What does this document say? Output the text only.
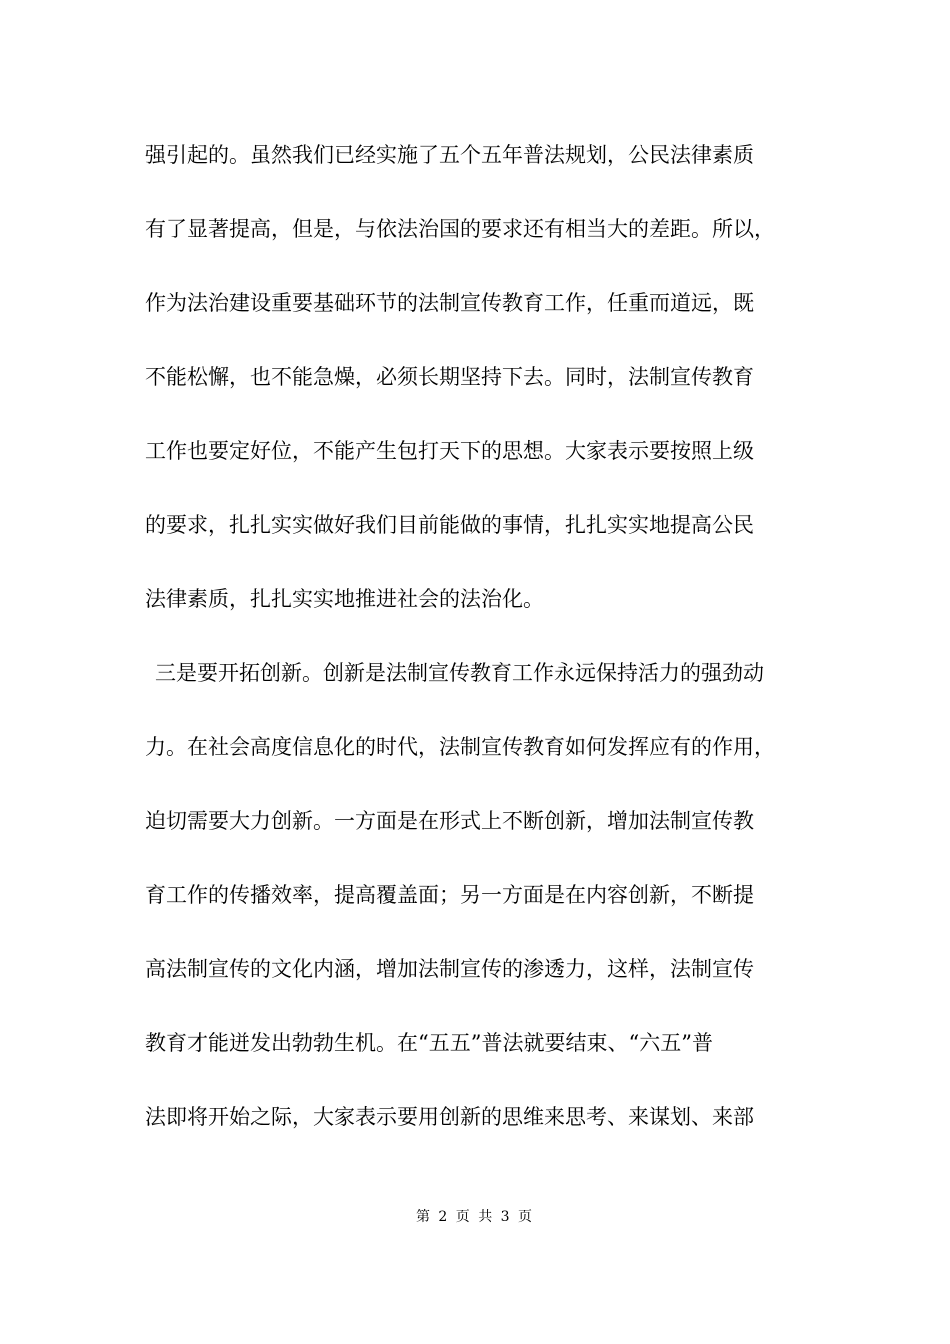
强引起的。虽然我们已经实施了五个五年普法规划，公民法律素质
有了显著提高，但是，与依法治国的要求还有相当大的差距。所以，
作为法治建设重要基础环节的法制宣传教育工作，任重而道远，既
不能松懈，也不能急燥，必须长期坚持下去。同时，法制宣传教育
工作也要定好位，不能产生包打天下的思想。大家表示要按照上级
的要求，扎扎实实做好我们目前能做的事情，扎扎实实地提高公民
法律素质，扎扎实实地推进社会的法治化。
三是要开拓创新。创新是法制宣传教育工作永远保持活力的强劲动
力。在社会高度信息化的时代，法制宣传教育如何发挥应有的作用，
迫切需要大力创新。一方面是在形式上不断创新，增加法制宣传教
育工作的传播效率，提高覆盖面；另一方面是在内容创新，不断提
高法制宣传的文化内涵，增加法制宣传的渗透力，这样，法制宣传
教育才能迸发出勃勃生机。在“五五”普法就要结束、“六五”普
法即将开始之际，大家表示要用创新的思维来思考、来谋划、来部
第 2 页 共 3 页
